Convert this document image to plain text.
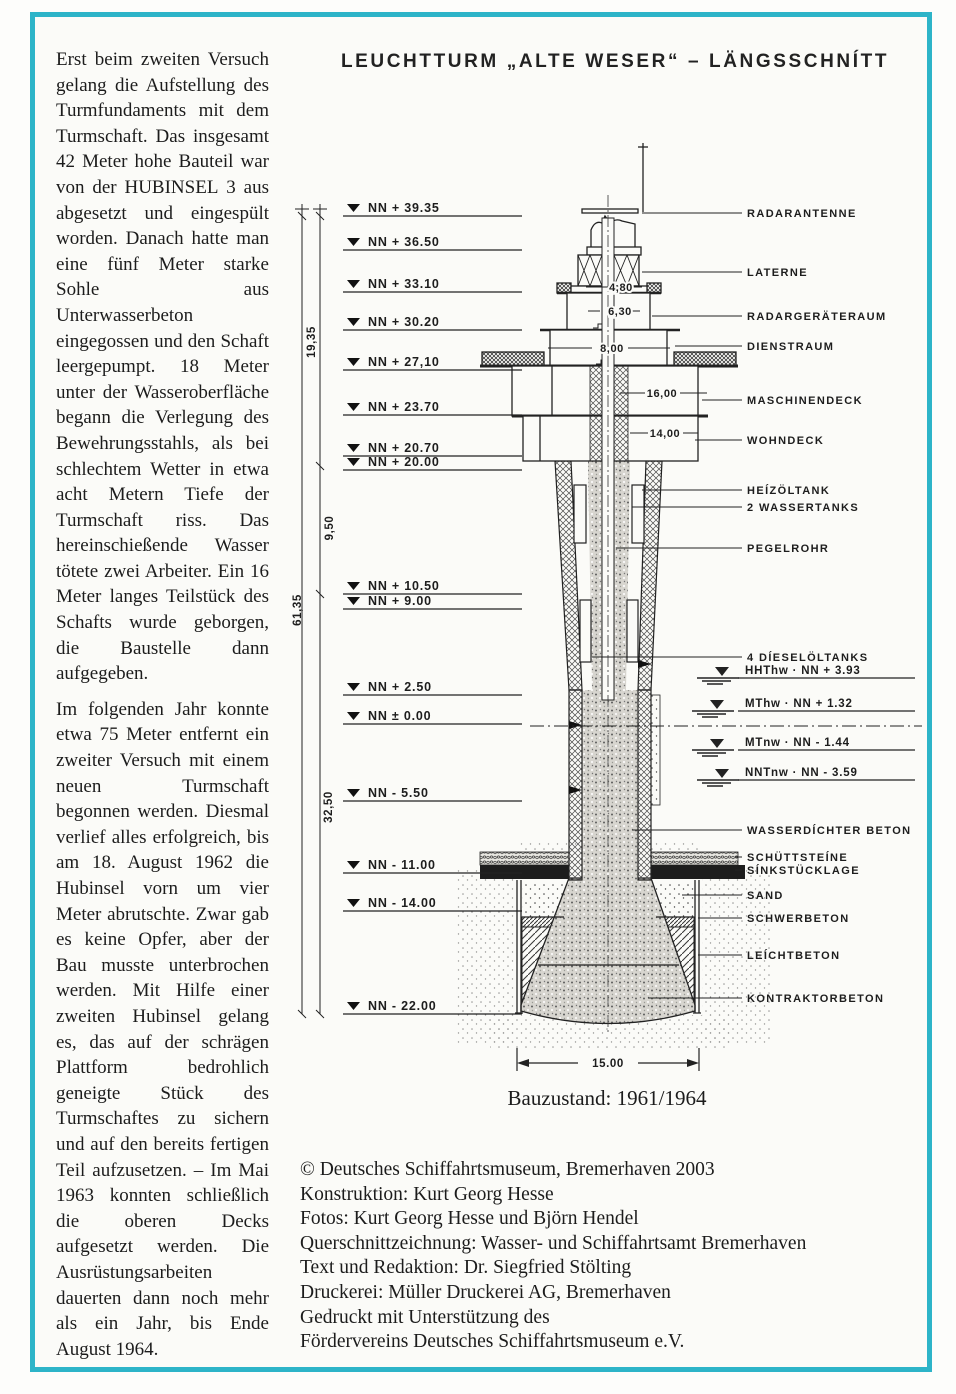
LEUCHTTURM „ALTE WESER“ – LÄNGSSCHNÍTT

Erst beim zweiten Versuch gelang die Aufstellung des Turmfundaments mit dem Turmschaft. Das insgesamt 42 Meter hohe Bauteil war von der HUBINSEL 3 aus abgesetzt und eingespült worden. Danach hatte man eine fünf Meter starke Sohle aus Unterwasserbeton eingegossen und den Schaft leergepumpt. 18 Meter unter der Wasseroberfläche begann die Verlegung des Bewehrungsstahls, als bei schlechtem Wetter in etwa acht Metern Tiefe der Turmschaft riss. Das hereinschießende Wasser tötete zwei Arbeiter. Ein 16 Meter langes Teilstück des Schafts wurde geborgen, die Baustelle dann aufgegeben.

Im folgenden Jahr konnte etwa 75 Meter entfernt ein zweiter Versuch mit einem neuen Turmschaft begonnen werden. Diesmal verlief alles erfolgreich, bis am 18. August 1962 die Hubinsel vorn um vier Meter abrutschte. Zwar gab es keine Opfer, aber der Bau musste unterbrochen werden. Mit Hilfe einer zweiten Hubinsel gelang es, das auf der schrägen Plattform bedrohlich geneigte Stück des Turmschaftes zu sichern und auf den bereits fertigen Teil aufzusetzen. – Im Mai 1963 konnten schließlich die oberen Decks aufgesetzt werden. Die Ausrüstungsarbeiten dauerten dann noch mehr als ein Jahr, bis Ende August 1964.

NN + 39.35
NN + 36.50
NN + 33.10
NN + 30.20
NN + 27,10
NN + 23.70
NN + 20.70
NN + 20.00
NN + 10.50
NN + 9.00
NN + 2.50
NN ± 0.00
NN - 5.50
NN - 11.00
NN - 14.00
NN - 22.00
19,35
9,50
61,35
32,50
4,80
6,30
8,00
16,00
14,00
RADARANTENNE
LATERNE
RADARGERÄTERAUM
DIENSTRAUM
MASCHINENDECK
WOHNDECK
HEÍZÖLTANK
2 WASSERTANKS
PEGELROHR
4 DÍESELÖLTANKS
WASSERDÍCHTER BETON
SCHÜTTSTEÍNE
SÍNKSTÜCKLAGE
SAND
SCHWERBETON
LEÍCHTBETON
KONTRAKTORBETON
HHThw · NN + 3.93
MThw · NN + 1.32
MTnw · NN - 1.44
NNTnw · NN - 3.59
15.00
Bauzustand: 1961/1964
© Deutsches Schiffahrtsmuseum, Bremerhaven 2003
Konstruktion: Kurt Georg Hesse
Fotos: Kurt Georg Hesse und Björn Hendel
Querschnittzeichnung: Wasser- und Schiffahrtsamt Bremerhaven
Text und Redaktion: Dr. Siegfried Stölting
Druckerei: Müller Druckerei AG, Bremerhaven
Gedruckt mit Unterstützung des
Fördervereins Deutsches Schiffahrtsmuseum e.V.
